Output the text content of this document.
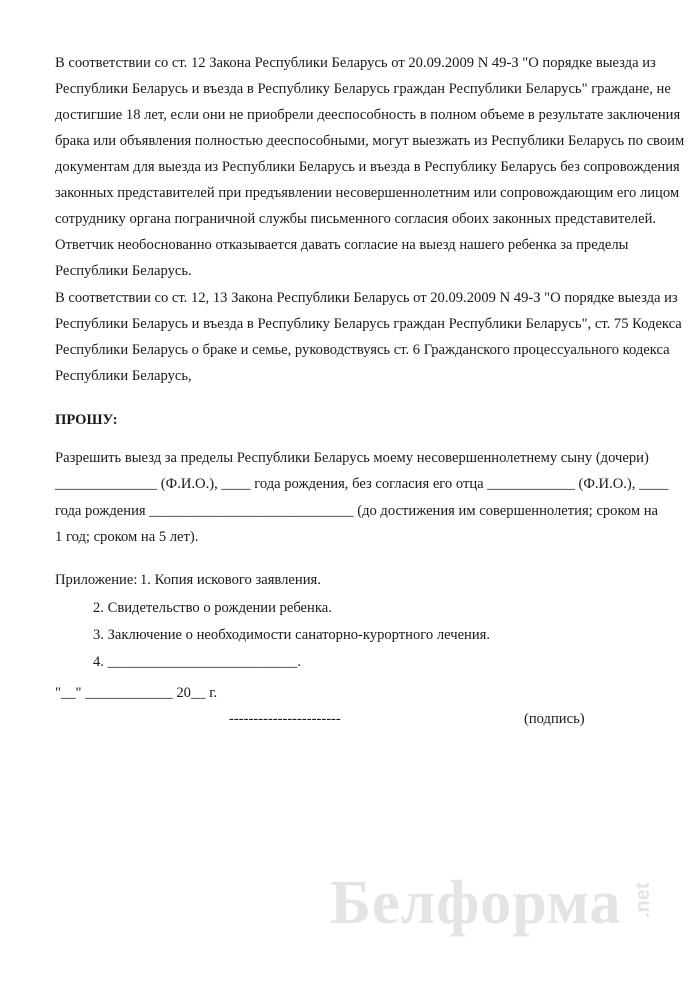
В соответствии со ст. 12 Закона Республики Беларусь от 20.09.2009 N 49-З "О порядке выезда из
Республики Беларусь и въезда в Республику Беларусь граждан Республики Беларусь" граждане, не
достигшие 18 лет, если они не приобрели дееспособность в полном объеме в результате заключения
брака или объявления полностью дееспособными, могут выезжать из Республики Беларусь по своим
документам для выезда из Республики Беларусь и въезда в Республику Беларусь без сопровождения
законных представителей при предъявлении несовершеннолетним или сопровождающим его лицом
сотруднику органа пограничной службы письменного согласия обоих законных представителей.
Ответчик необоснованно отказывается давать согласие на выезд нашего ребенка за пределы
Республики Беларусь.
В соответствии со ст. 12, 13 Закона Республики Беларусь от 20.09.2009 N 49-З "О порядке выезда из
Республики Беларусь и въезда в Республику Беларусь граждан Республики Беларусь", ст. 75 Кодекса
Республики Беларусь о браке и семье, руководствуясь ст. 6 Гражданского процессуального кодекса
Республики Беларусь,
ПРОШУ:
Разрешить выезд за пределы Республики Беларусь моему несовершеннолетнему сыну (дочери)
______________ (Ф.И.О.), ____ года рождения, без согласия его отца ____________ (Ф.И.О.), ____
года рождения ____________________________ (до достижения им совершеннолетия; сроком на
1 год; сроком на 5 лет).
Приложение: 1. Копия искового заявления.
2. Свидетельство о рождении ребенка.
3. Заключение о необходимости санаторно-курортного лечения.
4. __________________________.
"__" ____________ 20__ г.
-----------------------	(подпись)
Белформа .net
